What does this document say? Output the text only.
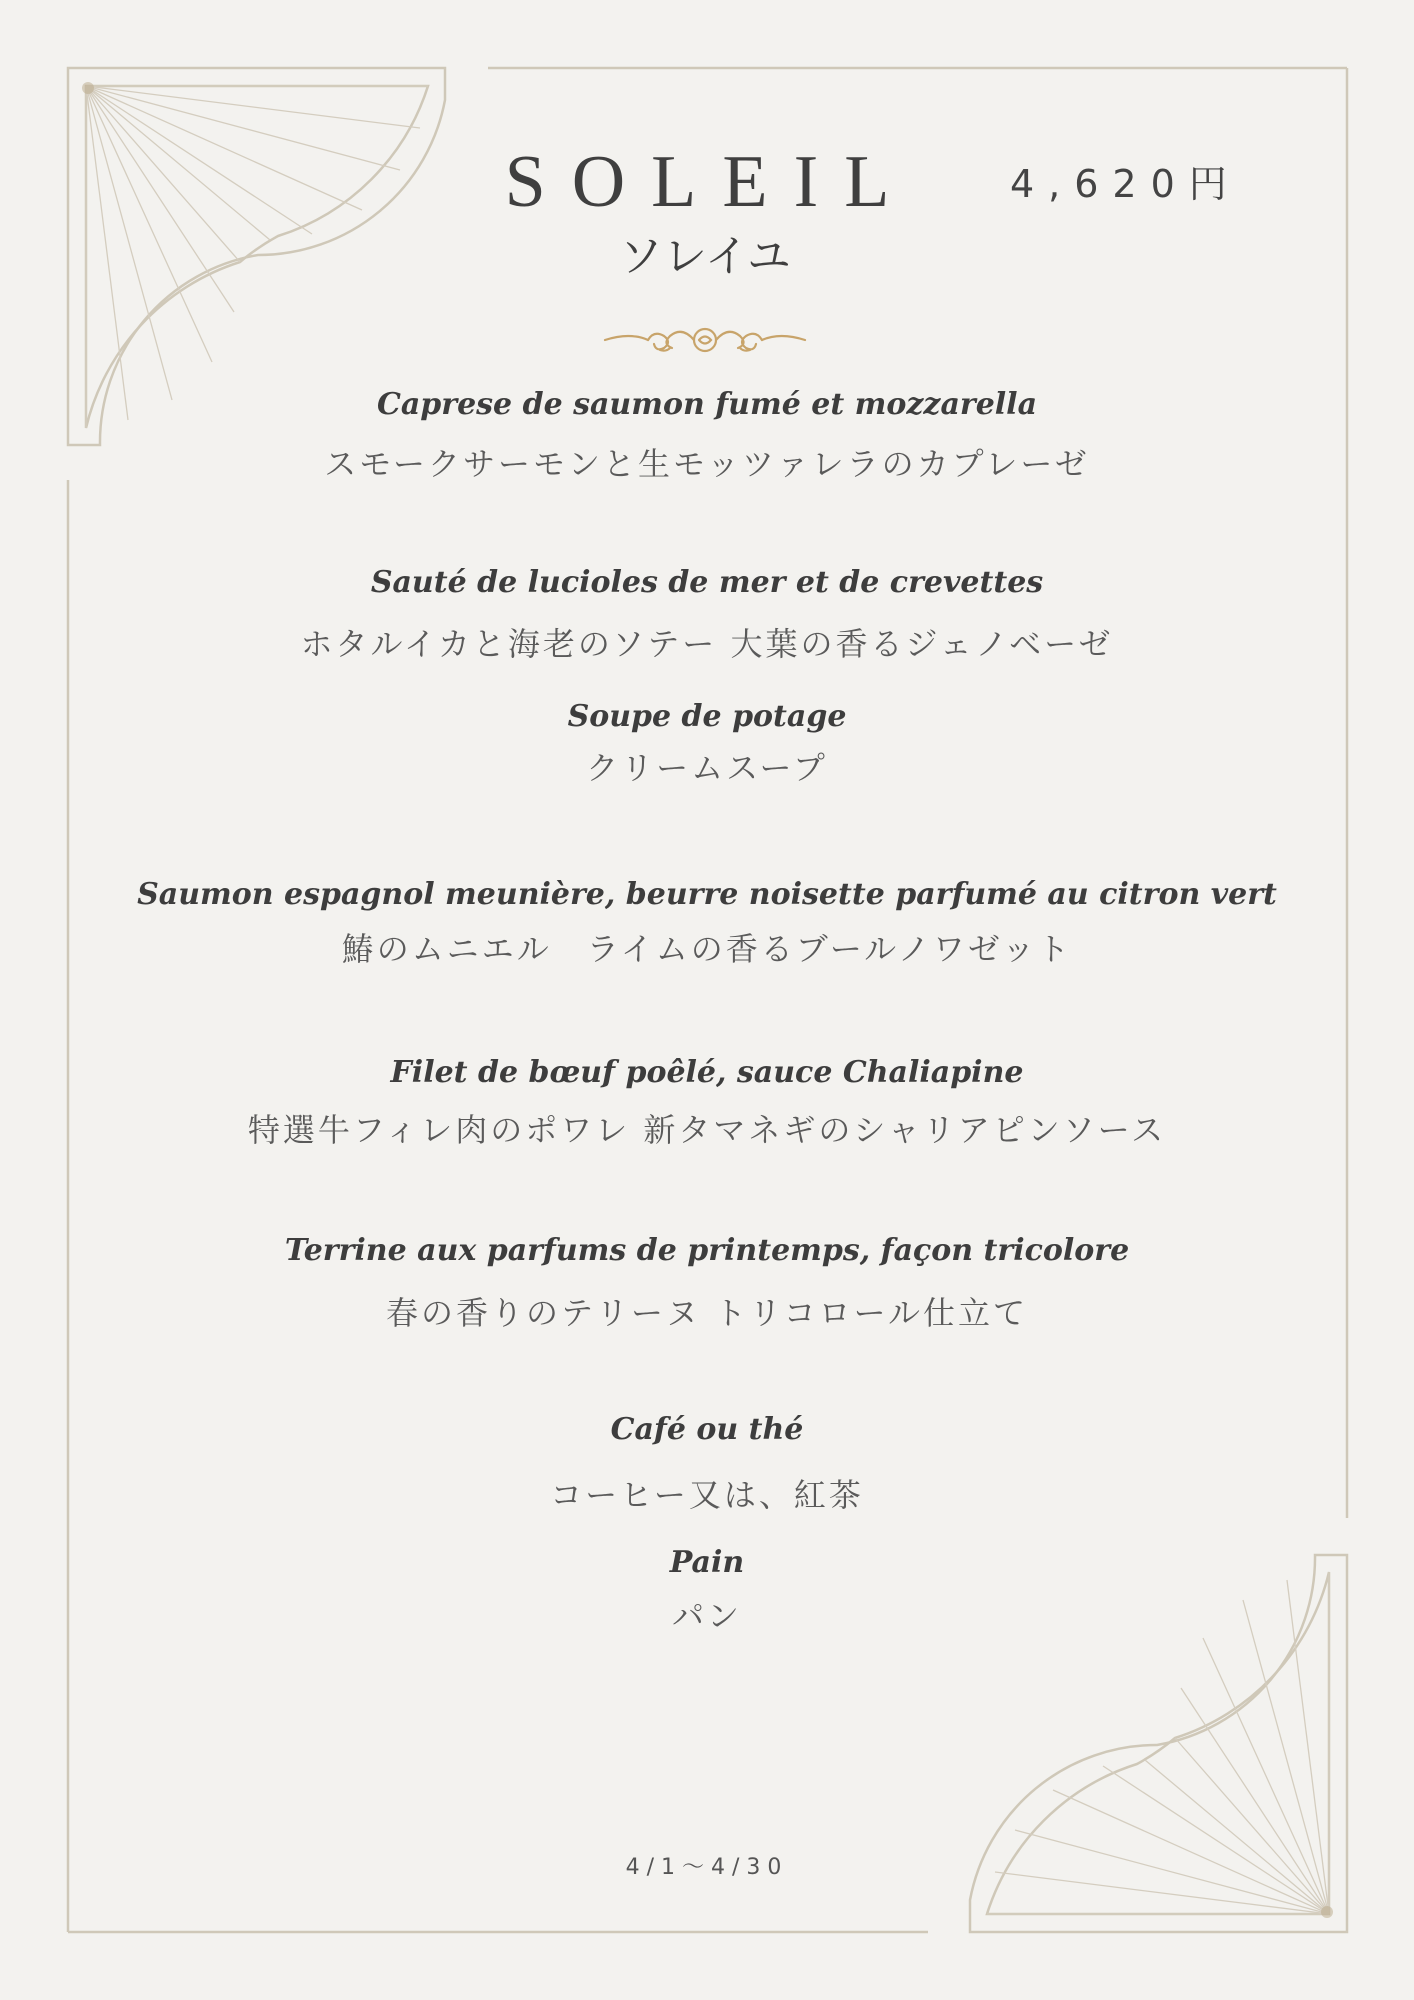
SOLEIL	4,620円
ソレイユ
Caprese de saumon fumé et mozzarella
スモークサーモンと生モッツァレラのカプレーゼ
Sauté de lucioles de mer et de crevettes
ホタルイカと海老のソテー 大葉の香るジェノベーゼ
Soupe de potage
クリームスープ
Saumon espagnol meunière, beurre noisette parfumé au citron vert
鰆のムニエル　ライムの香るブールノワゼット
Filet de bœuf poêlé, sauce Chaliapine
特選牛フィレ肉のポワレ 新タマネギのシャリアピンソース
Terrine aux parfums de printemps, façon tricolore
春の香りのテリーヌ トリコロール仕立て
Café ou thé
コーヒー又は、紅茶
Pain
パン
4/1～4/30
